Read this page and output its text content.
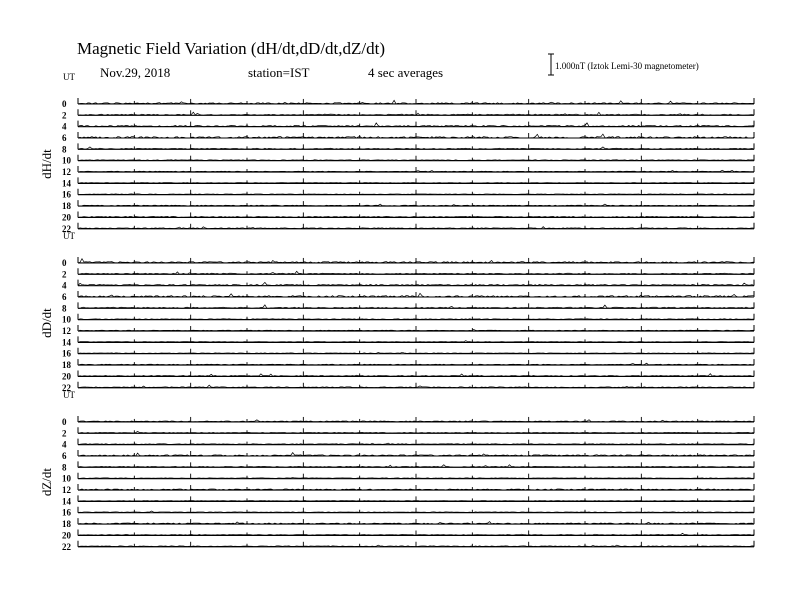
Magnetic Field Variation (dH/dt,dD/dt,dZ/dt)
Nov.29, 2018	station=IST	4 sec averages	1.000nT (Iztok Lemi-30 magnetometer)
UT
dH/dt
0
2
4
6
8
10
12
14
16
18
20
22
UT
dD/dt
0
2
4
6
8
10
12
14
16
18
20
22
UT
dZ/dt
0
2
4
6
8
10
12
14
16
18
20
22
